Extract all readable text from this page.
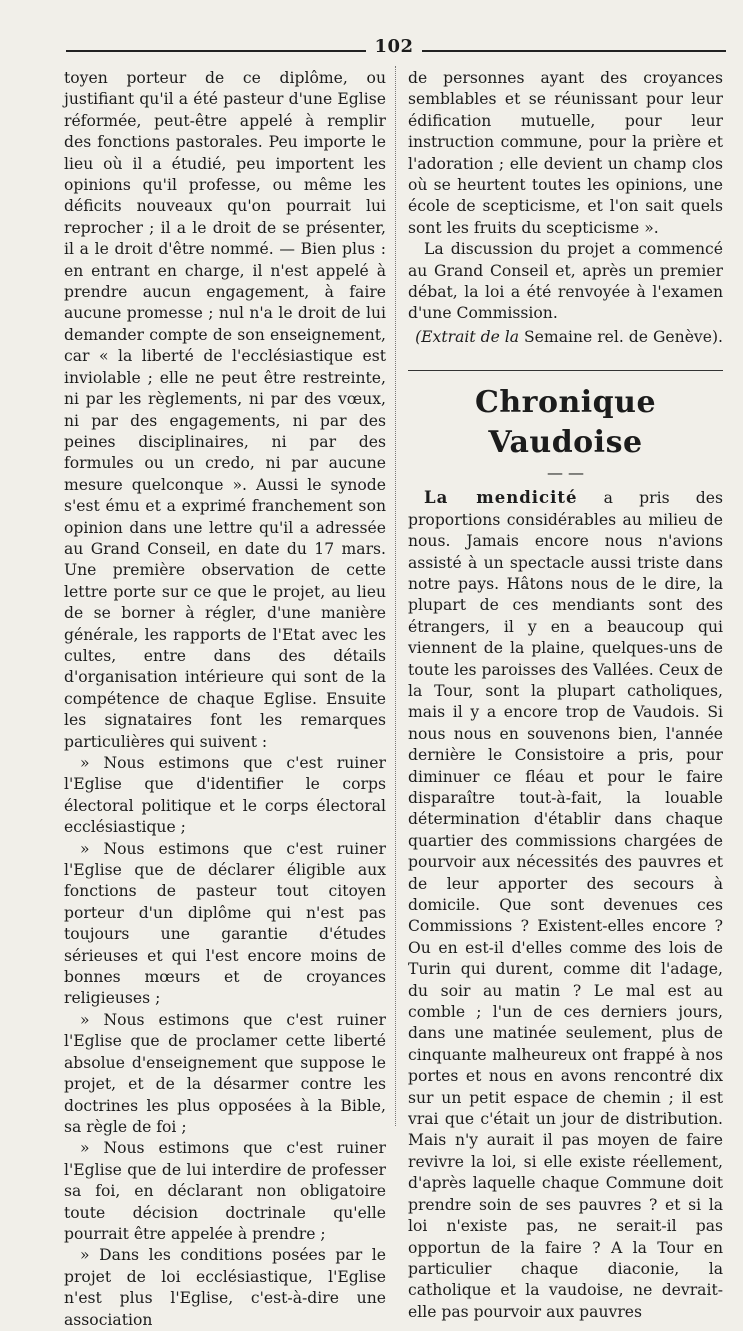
102

toyen porteur de ce diplôme, ou justifiant qu'il a été pasteur d'une Eglise réformée, peut-être appelé à remplir des fonctions pastorales. Peu importe le lieu où il a étudié, peu importent les opinions qu'il professe, ou même les déficits nouveaux qu'on pourrait lui reprocher ; il a le droit de se présenter, il a le droit d'être nommé. — Bien plus : en entrant en charge, il n'est appelé à prendre aucun engagement, à faire aucune promesse ; nul n'a le droit de lui demander compte de son enseignement, car « la liberté de l'ecclésiastique est inviolable ; elle ne peut être restreinte, ni par les règlements, ni par des vœux, ni par des engagements, ni par des peines disciplinaires, ni par des formules ou un credo, ni par aucune mesure quelconque ». Aussi le synode s'est ému et a exprimé franchement son opinion dans une lettre qu'il a adressée au Grand Conseil, en date du 17 mars. Une première observation de cette lettre porte sur ce que le projet, au lieu de se borner à régler, d'une manière générale, les rapports de l'Etat avec les cultes, entre dans des détails d'organisation intérieure qui sont de la compétence de chaque Eglise. Ensuite les signataires font les remarques particulières qui suivent :

» Nous estimons que c'est ruiner l'Eglise que d'identifier le corps électoral politique et le corps électoral ecclésiastique ;

» Nous estimons que c'est ruiner l'Eglise que de déclarer éligible aux fonctions de pasteur tout citoyen porteur d'un diplôme qui n'est pas toujours une garantie d'études sérieuses et qui l'est encore moins de bonnes mœurs et de croyances religieuses ;

» Nous estimons que c'est ruiner l'Eglise que de proclamer cette liberté absolue d'enseignement que suppose le projet, et de la désarmer contre les doctrines les plus opposées à la Bible, sa règle de foi ;

» Nous estimons que c'est ruiner l'Eglise que de lui interdire de professer sa foi, en déclarant non obligatoire toute décision doctrinale qu'elle pourrait être appelée à prendre ;

» Dans les conditions posées par le projet de loi ecclésiastique, l'Eglise n'est plus l'Eglise, c'est-à-dire une association

de personnes ayant des croyances semblables et se réunissant pour leur édification mutuelle, pour leur instruction commune, pour la prière et l'adoration ; elle devient un champ clos où se heurtent toutes les opinions, une école de scepticisme, et l'on sait quels sont les fruits du scepticisme ».

La discussion du projet a commencé au Grand Conseil et, après un premier débat, la loi a été renvoyée à l'examen d'une Commission.

(Extrait de la Semaine rel. de Genève).

Chronique Vaudoise
— —

La mendicité a pris des proportions considérables au milieu de nous. Jamais encore nous n'avions assisté à un spectacle aussi triste dans notre pays. Hâtons nous de le dire, la plupart de ces mendiants sont des étrangers, il y en a beaucoup qui viennent de la plaine, quelques-uns de toute les paroisses des Vallées. Ceux de la Tour, sont la plupart catholiques, mais il y a encore trop de Vaudois. Si nous nous en souvenons bien, l'année dernière le Consistoire a pris, pour diminuer ce fléau et pour le faire disparaître tout-à-fait, la louable détermination d'établir dans chaque quartier des commissions chargées de pourvoir aux nécessités des pauvres et de leur apporter des secours à domicile. Que sont devenues ces Commissions ? Existent-elles encore ? Ou en est-il d'elles comme des lois de Turin qui durent, comme dit l'adage, du soir au matin ? Le mal est au comble ; l'un de ces derniers jours, dans une matinée seulement, plus de cinquante malheureux ont frappé à nos portes et nous en avons rencontré dix sur un petit espace de chemin ; il est vrai que c'était un jour de distribution. Mais n'y aurait il pas moyen de faire revivre la loi, si elle existe réellement, d'après laquelle chaque Commune doit prendre soin de ses pauvres ? et si la loi n'existe pas, ne serait-il pas opportun de la faire ? A la Tour en particulier chaque diaconie, la catholique et la vaudoise, ne devrait-elle pas pourvoir aux pauvres
